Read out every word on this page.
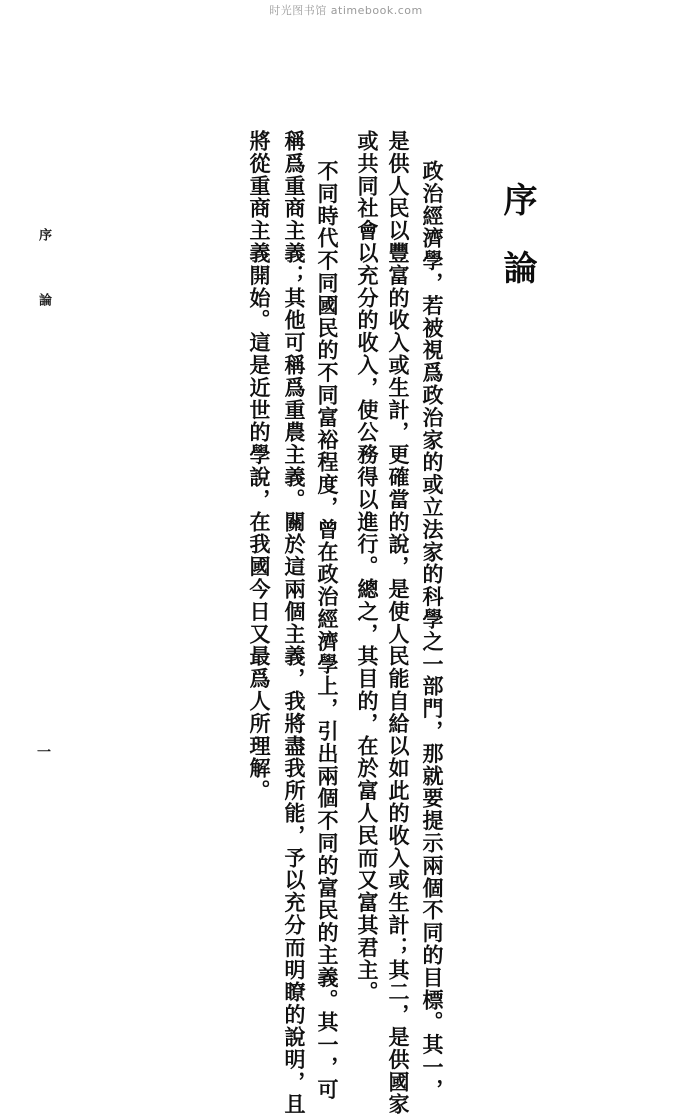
时光图书馆 atimebook.com
序論
政治經濟學，若被視爲政治家的或立法家的科學之一部門，那就要提示兩個不同的目標。其一，
是供人民以豐富的收入或生計，更確當的說，是使人民能自給以如此的收入或生計；其二，是供國家
或共同社會以充分的收入，使公務得以進行。總之，其目的，在於富人民而又富其君主。
不同時代不同國民的不同富裕程度，曾在政治經濟學上，引出兩個不同的富民的主義。其一，可
稱爲重商主義；其他可稱爲重農主義。關於這兩個主義，我將盡我所能，予以充分而明瞭的說明，且
將從重商主義開始。這是近世的學說，在我國今日又最爲人所理解。
序論
一
